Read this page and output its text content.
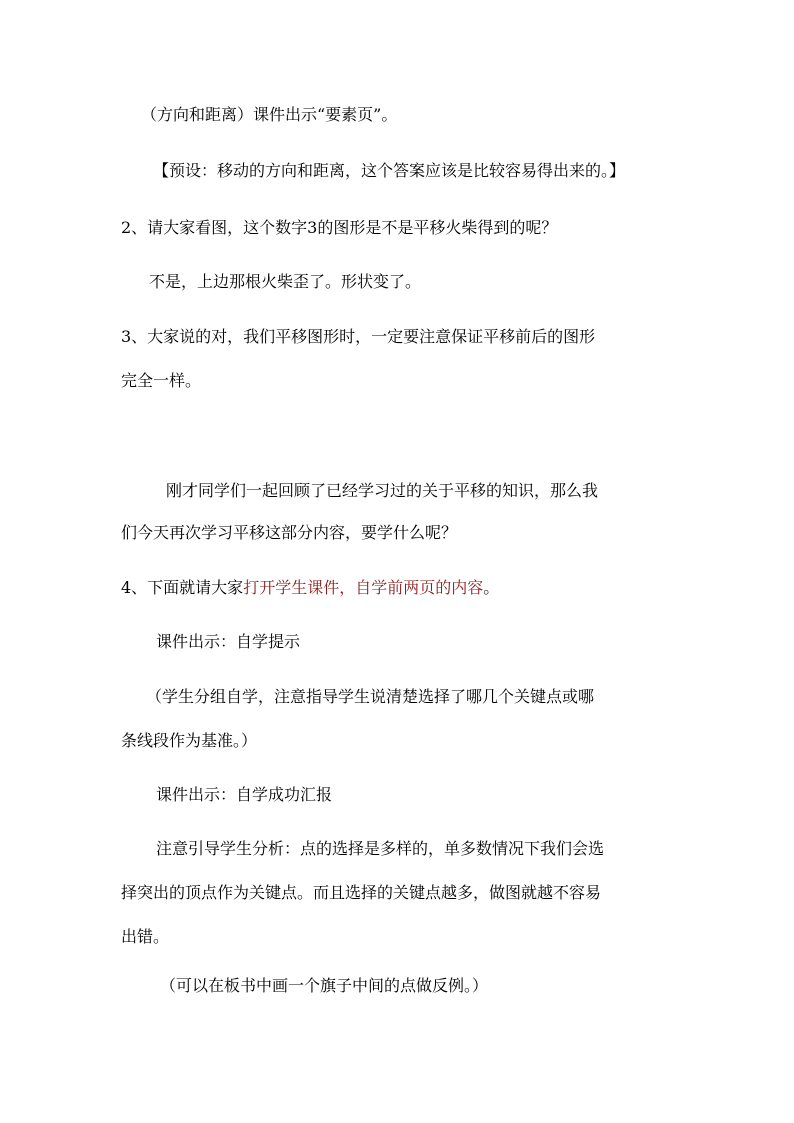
（方向和距离）课件出示“要素页”。
【预设：移动的方向和距离，这个答案应该是比较容易得出来的。】
2、请大家看图，这个数字3的图形是不是平移火柴得到的呢？
不是，上边那根火柴歪了。形状变了。
3、大家说的对，我们平移图形时，一定要注意保证平移前后的图形
完全一样。
刚才同学们一起回顾了已经学习过的关于平移的知识，那么我
们今天再次学习平移这部分内容，要学什么呢？
4、下面就请大家打开学生课件，自学前两页的内容。
课件出示：自学提示
（学生分组自学，注意指导学生说清楚选择了哪几个关键点或哪
条线段作为基准。）
课件出示：自学成功汇报
注意引导学生分析：点的选择是多样的，单多数情况下我们会选
择突出的顶点作为关键点。而且选择的关键点越多，做图就越不容易
出错。
（可以在板书中画一个旗子中间的点做反例。）
